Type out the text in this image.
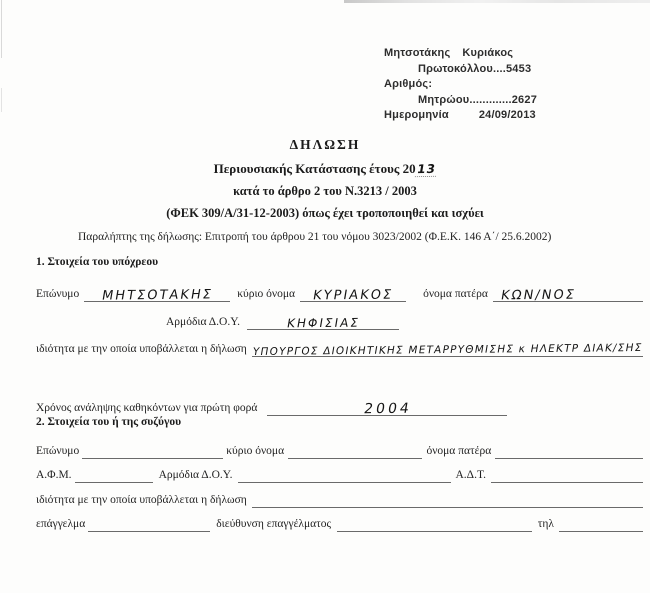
Μητσοτάκης Κυριάκος
Πρωτοκόλλου....5453
Αριθμός:
Μητρώου.............2627
Ημερομηνία	24/09/2013
ΔΗΛΩΣΗ
Περιουσιακής Κατάστασης έτους 2013
κατά το άρθρο 2 του Ν.3213 / 2003
(ΦΕΚ 309/Α/31-12-2003) όπως έχει τροποποιηθεί και ισχύει
Παραλήπτης της δήλωσης: Επιτροπή του άρθρου 21 του νόμου 3023/2002 (Φ.Ε.Κ. 146 Α΄/ 25.6.2002)
1. Στοιχεία του υπόχρεου
Επώνυμο ΜΗΤΣΟΤΑΚΗΣ κύριο όνομα ΚΥΡΙΑΚΟΣ όνομα πατέρα ΚΩΝ/ΝΟΣ
Αρμόδια Δ.Ο.Υ.	ΚΗΦΙΣΙΑΣ
ιδιότητα με την οποία υποβάλλεται η δήλωση ΥΠΟΥΡΓΟΣ ΔΙΟΙΚΗΤΙΚΗΣ ΜΕΤΑΡΡΥΘΜΙΣΗΣ κ ΗΛΕΚΤΡ ΔΙΑΚ/ΣΗΣ
Χρόνος ανάληψης καθηκόντων για πρώτη φορά	2004
2. Στοιχεία του ή της συζύγου
Επώνυμο	κύριο όνομα	όνομα πατέρα
Α.Φ.Μ.	Αρμόδια Δ.Ο.Υ.	Α.Δ.Τ.
ιδιότητα με την οποία υποβάλλεται η δήλωση
επάγγελμα	διεύθυνση επαγγέλματος	τηλ
